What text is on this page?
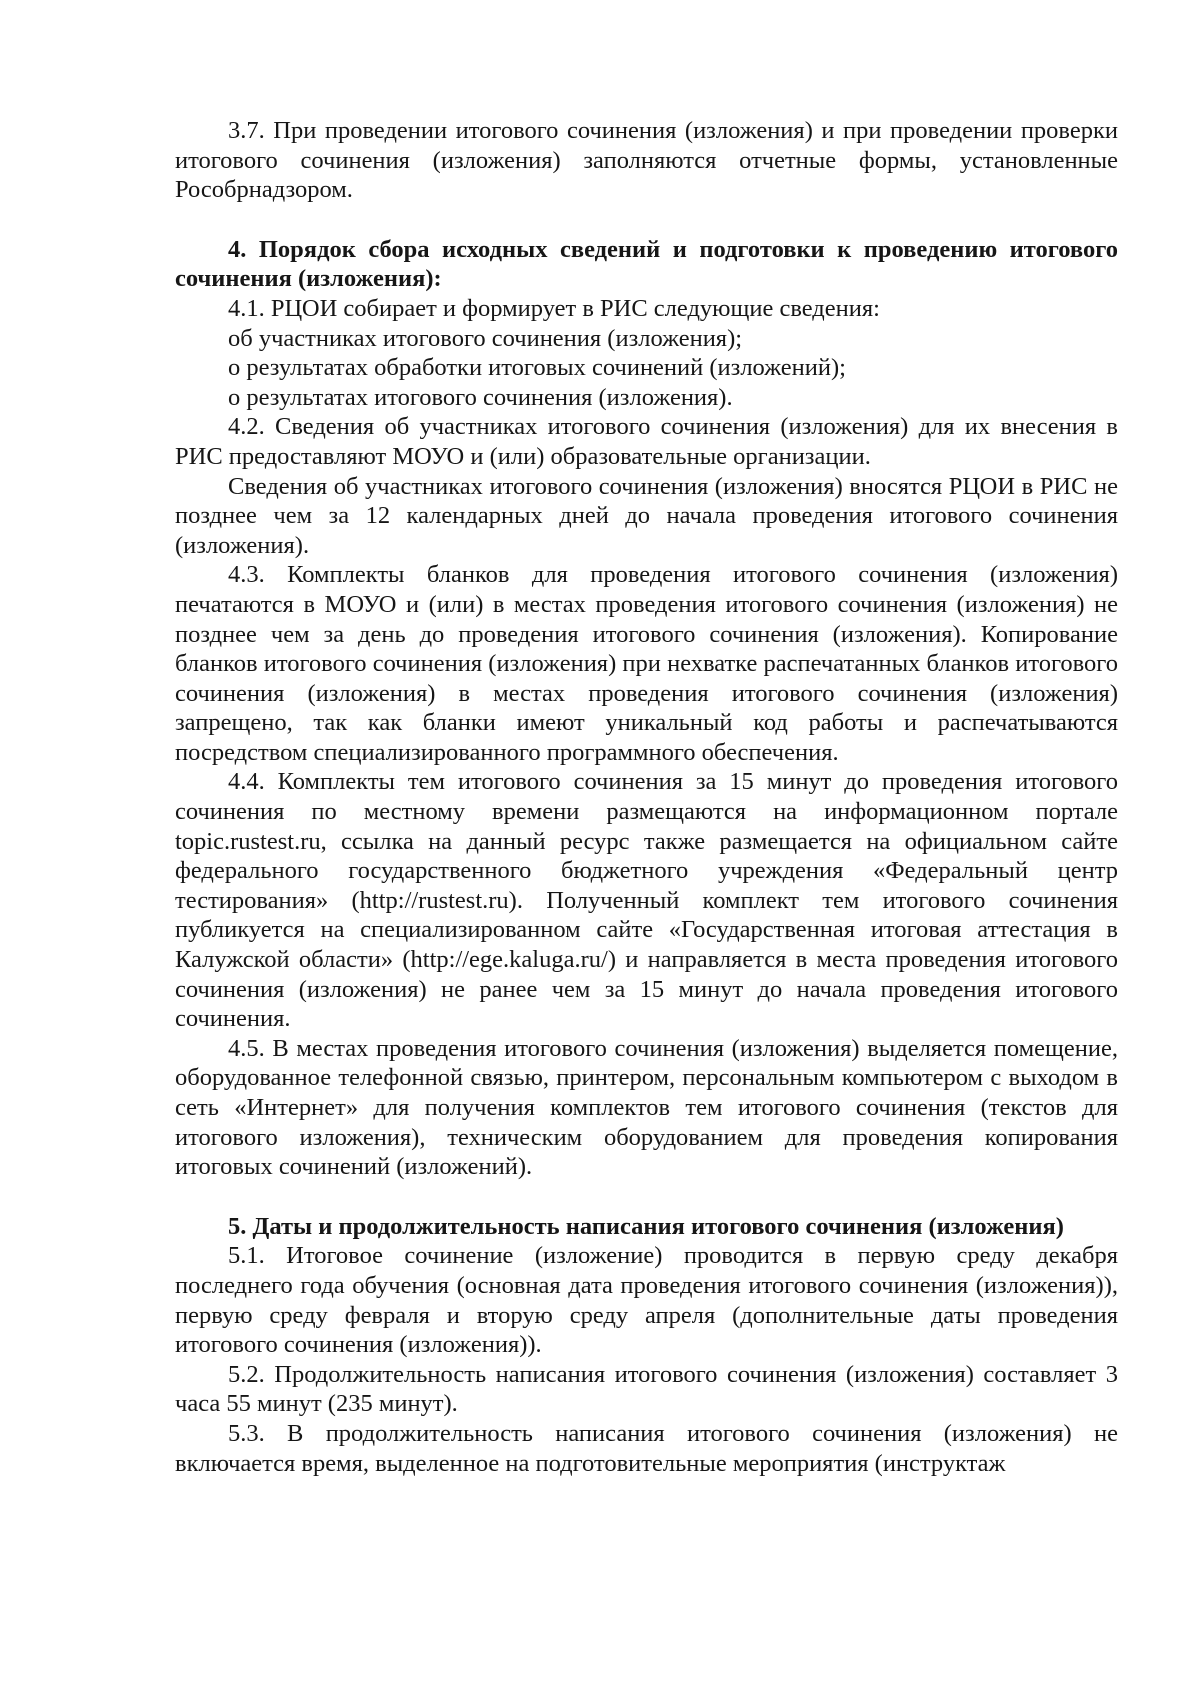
3.7. При проведении итогового сочинения (изложения) и при проведении проверки итогового сочинения (изложения) заполняются отчетные формы, установленные Рособрнадзором.

4. Порядок сбора исходных сведений и подготовки к проведению итогового сочинения (изложения):

4.1. РЦОИ собирает и формирует в РИС следующие сведения:

об участниках итогового сочинения (изложения);

о результатах обработки итоговых сочинений (изложений);

о результатах итогового сочинения (изложения).

4.2. Сведения об участниках итогового сочинения (изложения) для их внесения в РИС предоставляют МОУО и (или) образовательные организации.

Сведения об участниках итогового сочинения (изложения) вносятся РЦОИ в РИС не позднее чем за 12 календарных дней до начала проведения итогового сочинения (изложения).

4.3. Комплекты бланков для проведения итогового сочинения (изложения) печатаются в МОУО и (или) в местах проведения итогового сочинения (изложения) не позднее чем за день до проведения итогового сочинения (изложения). Копирование бланков итогового сочинения (изложения) при нехватке распечатанных бланков итогового сочинения (изложения) в местах проведения итогового сочинения (изложения) запрещено, так как бланки имеют уникальный код работы и распечатываются посредством специализированного программного обеспечения.

4.4. Комплекты тем итогового сочинения за 15 минут до проведения итогового сочинения по местному времени размещаются на информационном портале topic.rustest.ru, ссылка на данный ресурс также размещается на официальном сайте федерального государственного бюджетного учреждения «Федеральный центр тестирования» (http://rustest.ru). Полученный комплект тем итогового сочинения публикуется на специализированном сайте «Государственная итоговая аттестация в Калужской области» (http://ege.kaluga.ru/) и направляется в места проведения итогового сочинения (изложения) не ранее чем за 15 минут до начала проведения итогового сочинения.

4.5. В местах проведения итогового сочинения (изложения) выделяется помещение, оборудованное телефонной связью, принтером, персональным компьютером с выходом в сеть «Интернет» для получения комплектов тем итогового сочинения (текстов для итогового изложения), техническим оборудованием для проведения копирования итоговых сочинений (изложений).

5. Даты и продолжительность написания итогового сочинения (изложения)

5.1. Итоговое сочинение (изложение) проводится в первую среду декабря последнего года обучения (основная дата проведения итогового сочинения (изложения)), первую среду февраля и вторую среду апреля (дополнительные даты проведения итогового сочинения (изложения)).

5.2. Продолжительность написания итогового сочинения (изложения) составляет 3 часа 55 минут (235 минут).

5.3. В продолжительность написания итогового сочинения (изложения) не включается время, выделенное на подготовительные мероприятия (инструктаж
